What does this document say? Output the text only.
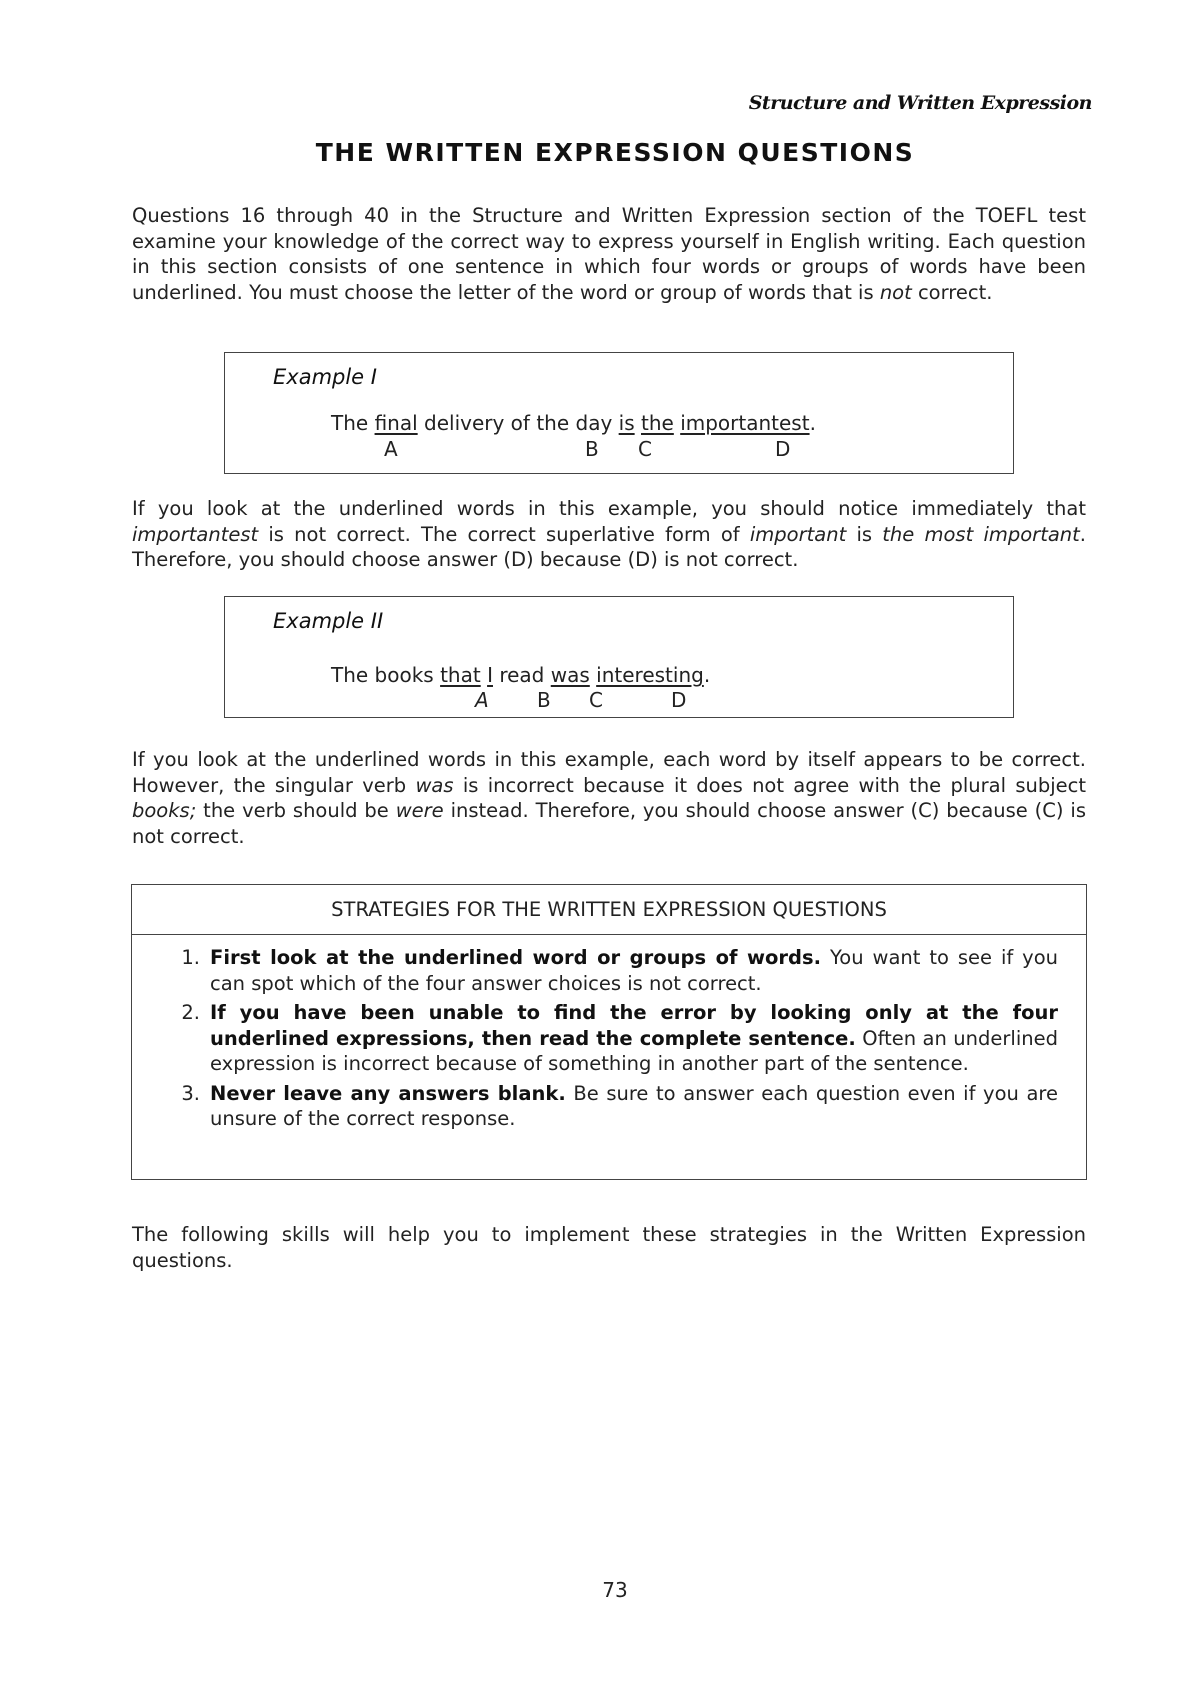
Structure and Written Expression
THE WRITTEN EXPRESSION QUESTIONS

Questions 16 through 40 in the Structure and Written Expression section of the TOEFL test examine your knowledge of the correct way to express yourself in English writing. Each question in this section consists of one sentence in which four words or groups of words have been underlined. You must choose the letter of the word or group of words that is not correct.

Example I
The final delivery of the day is the importantest.
A	B C	D

If you look at the underlined words in this example, you should notice immediately that importantest is not correct. The correct superlative form of important is the most important. Therefore, you should choose answer (D) because (D) is not correct.

Example II
The books that I read was interesting.
A B C	D

If you look at the underlined words in this example, each word by itself appears to be correct. However, the singular verb was is incorrect because it does not agree with the plural subject books; the verb should be were instead. Therefore, you should choose answer (C) because (C) is not correct.

STRATEGIES FOR THE WRITTEN EXPRESSION QUESTIONS
1. First look at the underlined word or groups of words. You want to see if you can spot which of the four answer choices is not correct.
2. If you have been unable to find the error by looking only at the four underlined expressions, then read the complete sentence. Often an underlined expression is incorrect because of something in another part of the sentence.
3. Never leave any answers blank. Be sure to answer each question even if you are unsure of the correct response.

The following skills will help you to implement these strategies in the Written Expression questions.

73
